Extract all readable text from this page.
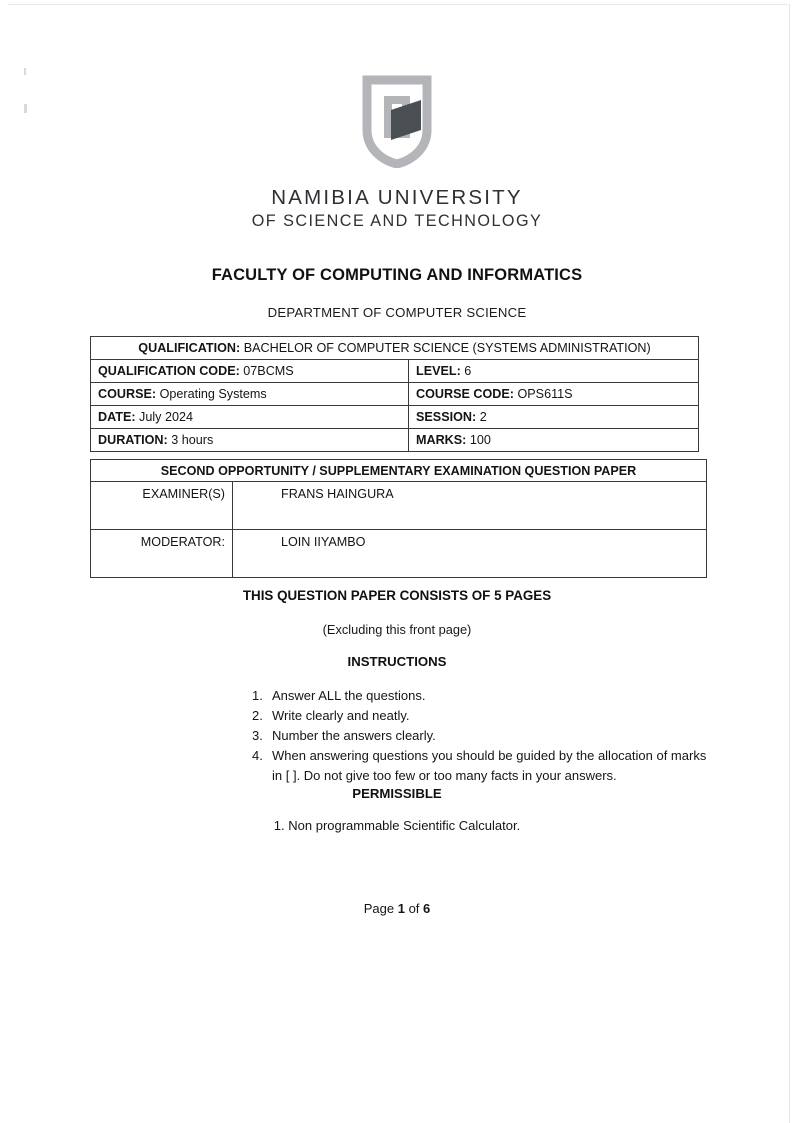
NAMIBIA UNIVERSITY
OF SCIENCE AND TECHNOLOGY
FACULTY OF COMPUTING AND INFORMATICS
DEPARTMENT OF COMPUTER SCIENCE
QUALIFICATION: BACHELOR OF COMPUTER SCIENCE (SYSTEMS ADMINISTRATION)	
QUALIFICATION CODE: 07BCMS	LEVEL: 6
COURSE: Operating Systems	COURSE CODE: OPS611S
DATE: July 2024	SESSION: 2
DURATION: 3 hours	MARKS: 100
SECOND OPPORTUNITY / SUPPLEMENTARY EXAMINATION QUESTION PAPER	
EXAMINER(S)	FRANS HAINGURA
MODERATOR:	LOIN IIYAMBO
THIS QUESTION PAPER CONSISTS OF 5 PAGES
(Excluding this front page)
INSTRUCTIONS
1. Answer ALL the questions.
2. Write clearly and neatly.
3. Number the answers clearly.
4. When answering questions you should be guided by the allocation of marks in [ ]. Do not give too few or too many facts in your answers.
PERMISSIBLE
1. Non programmable Scientific Calculator.
Page 1 of 6
